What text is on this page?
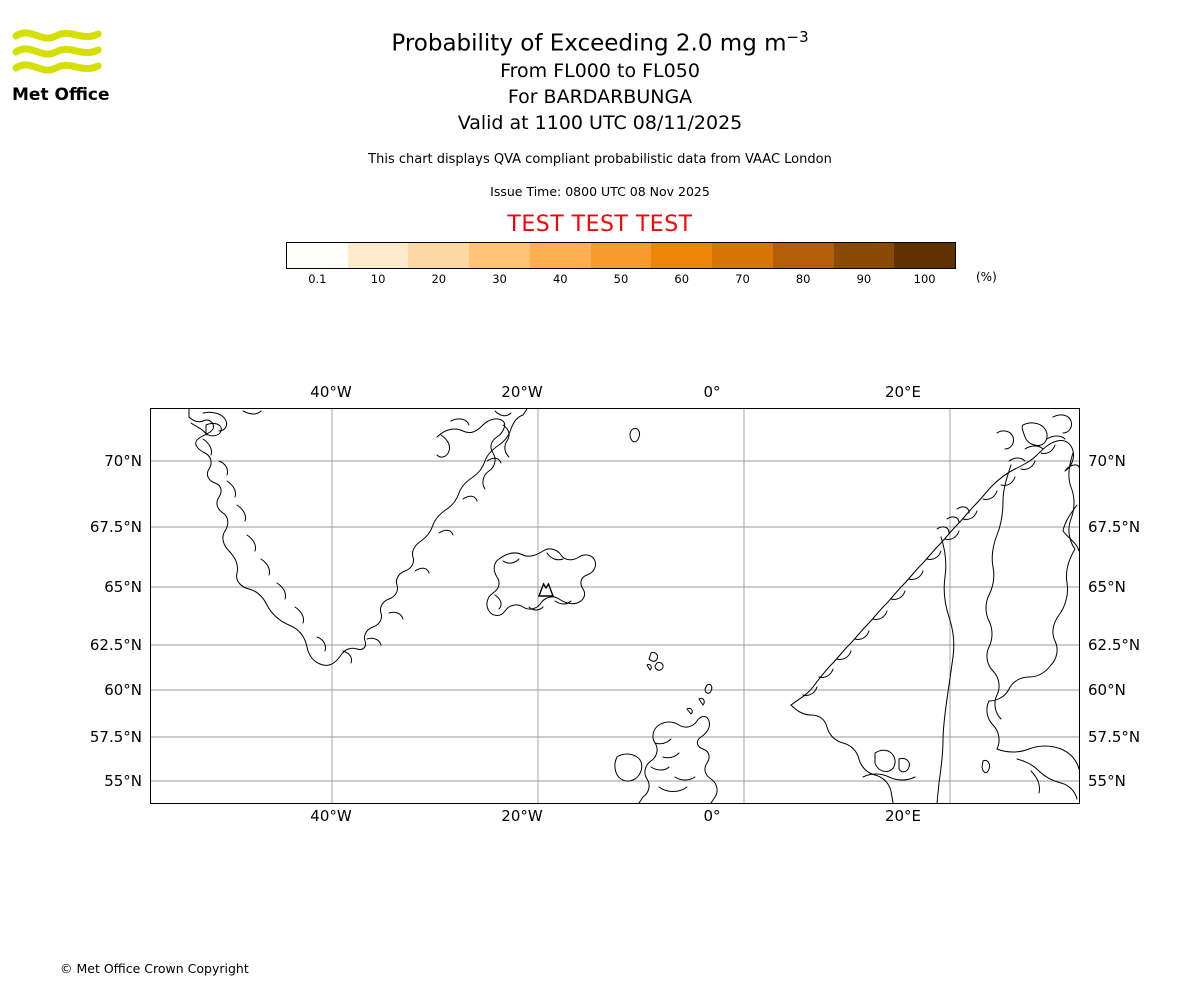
Met Office
Probability of Exceeding 2.0 mg $m^{-3}$
From FL000 to FL050
For BARDARBUNGA
Valid at 1100 UTC 08/11/2025
This chart displays QVA compliant probabilistic data from VAAC London
Issue Time: 0800 UTC 08 Nov 2025
TEST TEST TEST
0.1	10	20	30	40	50	60	70	80	90	100	(%)
70°N
67.5°N
65°N
62.5°N
60°N
57.5°N
55°N
70°N
67.5°N
65°N
62.5°N
60°N
57.5°N
55°N
40°W	20°W	0°	20°E
40°W	20°W	0°	20°E
© Met Office Crown Copyright
